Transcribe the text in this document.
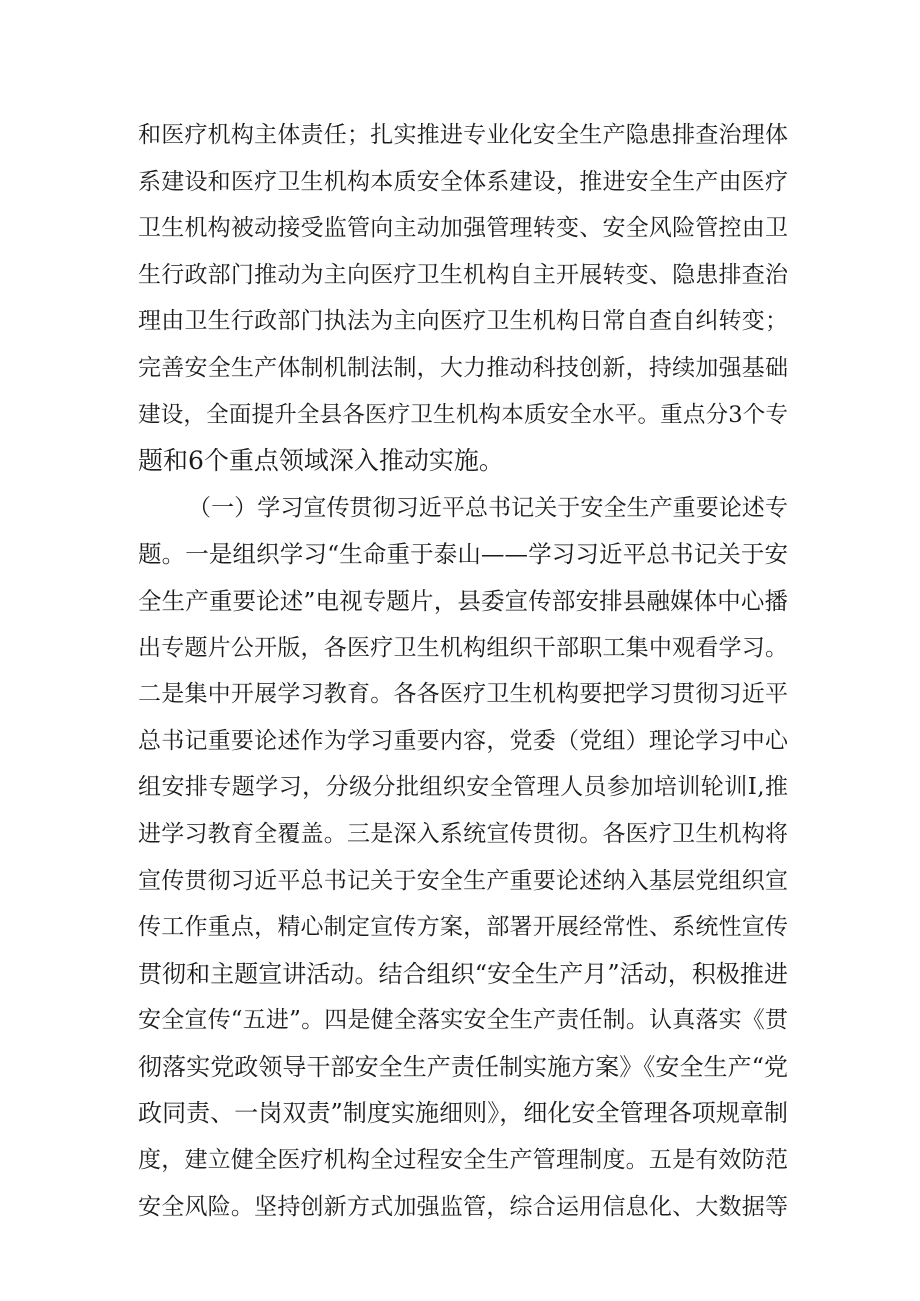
和医疗机构主体责任；扎实推进专业化安全生产隐患排查治理体
系建设和医疗卫生机构本质安全体系建设，推进安全生产由医疗
卫生机构被动接受监管向主动加强管理转变、安全风险管控由卫
生行政部门推动为主向医疗卫生机构自主开展转变、隐患排查治
理由卫生行政部门执法为主向医疗卫生机构日常自查自纠转变；
完善安全生产体制机制法制，大力推动科技创新，持续加强基础
建设，全面提升全县各医疗卫生机构本质安全水平。重点分3个专
题和6个重点领域深入推动实施。
（一）学习宣传贯彻习近平总书记关于安全生产重要论述专
题。一是组织学习“生命重于泰山——学习习近平总书记关于安
全生产重要论述”电视专题片，县委宣传部安排县融媒体中心播
出专题片公开版，各医疗卫生机构组织干部职工集中观看学习。
二是集中开展学习教育。各各医疗卫生机构要把学习贯彻习近平
总书记重要论述作为学习重要内容，党委（党组）理论学习中心
组安排专题学习，分级分批组织安全管理人员参加培训轮训Ⅰ,推
进学习教育全覆盖。三是深入系统宣传贯彻。各医疗卫生机构将
宣传贯彻习近平总书记关于安全生产重要论述纳入基层党组织宣
传工作重点，精心制定宣传方案，部署开展经常性、系统性宣传
贯彻和主题宣讲活动。结合组织“安全生产月”活动，积极推进
安全宣传“五进”。四是健全落实安全生产责任制。认真落实《贯
彻落实党政领导干部安全生产责任制实施方案》《安全生产“党
政同责、一岗双责”制度实施细则》，细化安全管理各项规章制
度，建立健全医疗机构全过程安全生产管理制度。五是有效防范
安全风险。坚持创新方式加强监管，综合运用信息化、大数据等
